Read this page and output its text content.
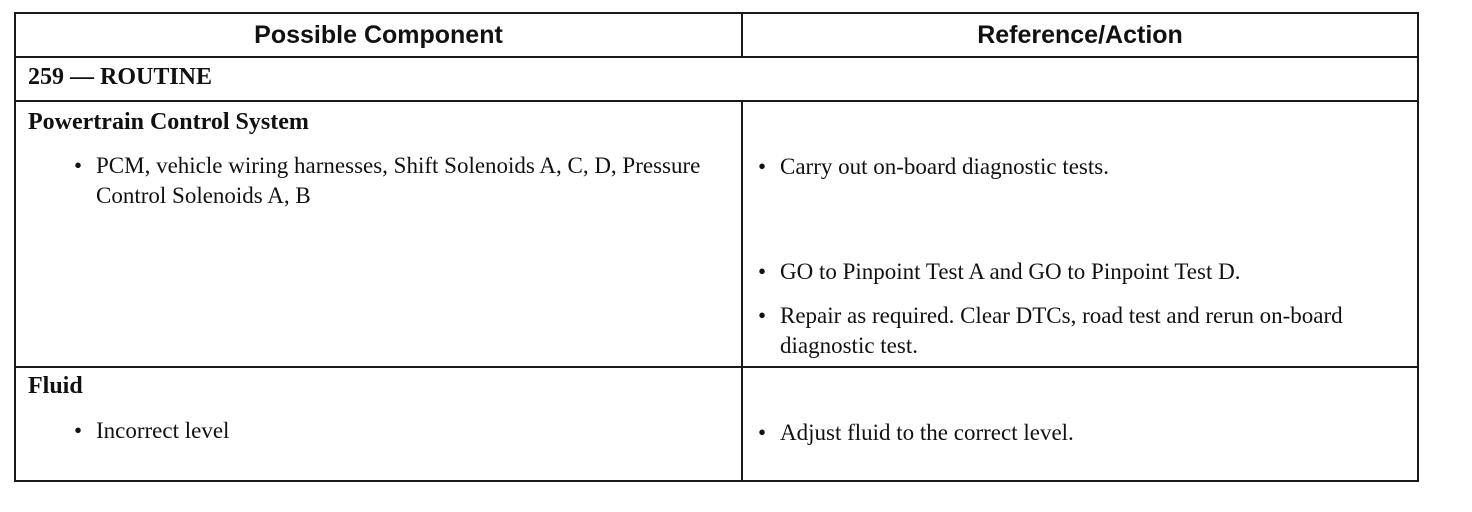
Possible Component	Reference/Action
259 — ROUTINE
Powertrain Control System
• PCM, vehicle wiring harnesses, Shift Solenoids A, C, D, Pressure Control Solenoids A, B
• Carry out on-board diagnostic tests.
• GO to Pinpoint Test A and GO to Pinpoint Test D.
• Repair as required. Clear DTCs, road test and rerun on-board diagnostic test.
Fluid
• Incorrect level	• Adjust fluid to the correct level.
